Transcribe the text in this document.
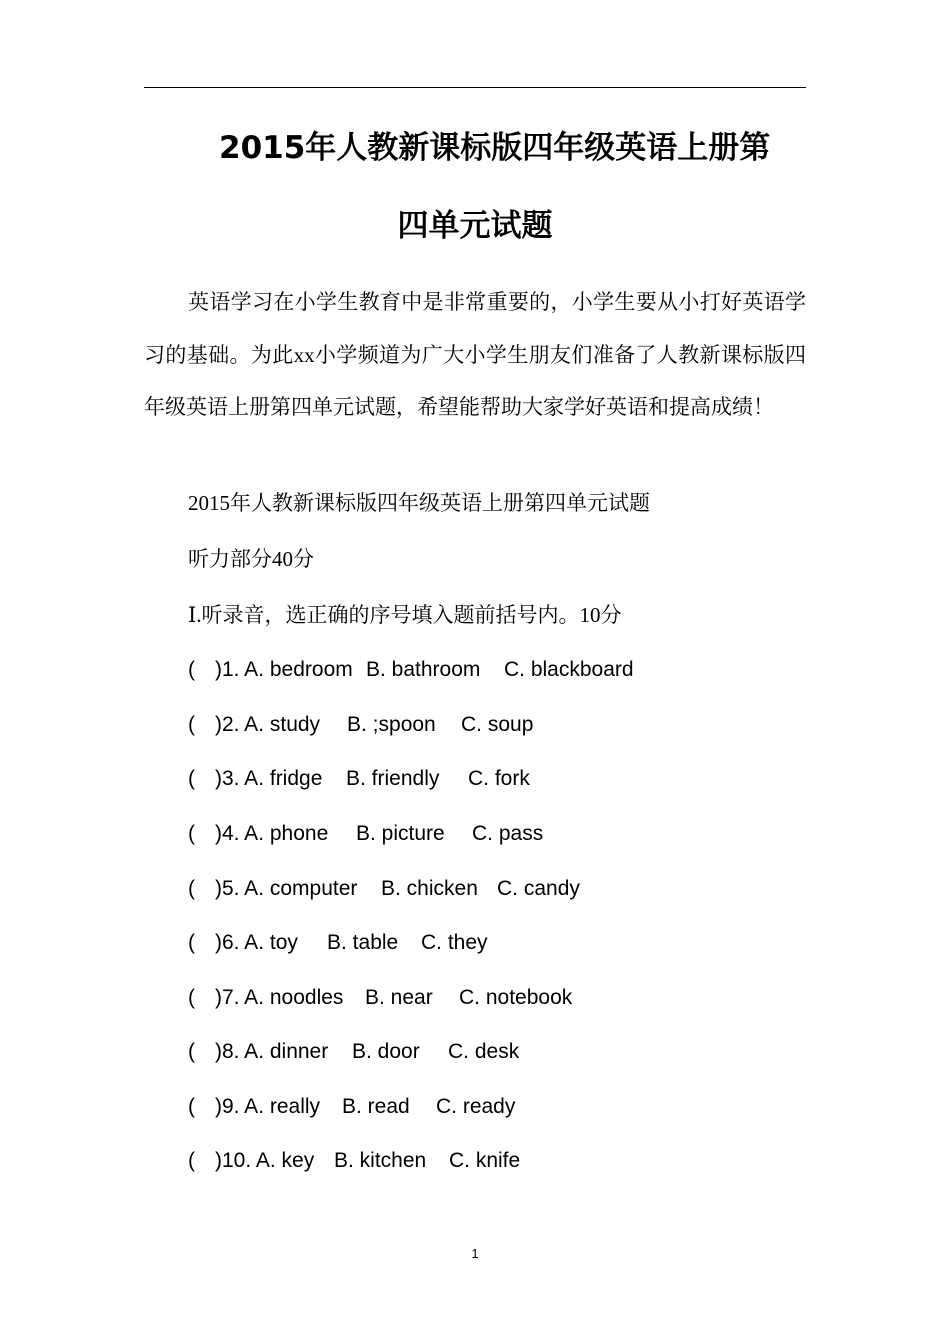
2015年人教新课标版四年级英语上册第
四单元试题

英语学习在小学生教育中是非常重要的，小学生要从小打好英语学习的基础。为此xx小学频道为广大小学生朋友们准备了人教新课标版四年级英语上册第四单元试题，希望能帮助大家学好英语和提高成绩！

2015年人教新课标版四年级英语上册第四单元试题
听力部分40分
Ⅰ.听录音，选正确的序号填入题前括号内。10分
( )1. A. bedroom B. bathroom C. blackboard
( )2. A. study B. ;spoon C. soup
( )3. A. fridge B. friendly C. fork
( )4. A. phone B. picture C. pass
( )5. A. computer B. chicken C. candy
( )6. A. toy B. table C. they
( )7. A. noodles B. near C. notebook
( )8. A. dinner B. door C. desk
( )9. A. really B. read C. ready
( )10. A. key B. kitchen C. knife
1
